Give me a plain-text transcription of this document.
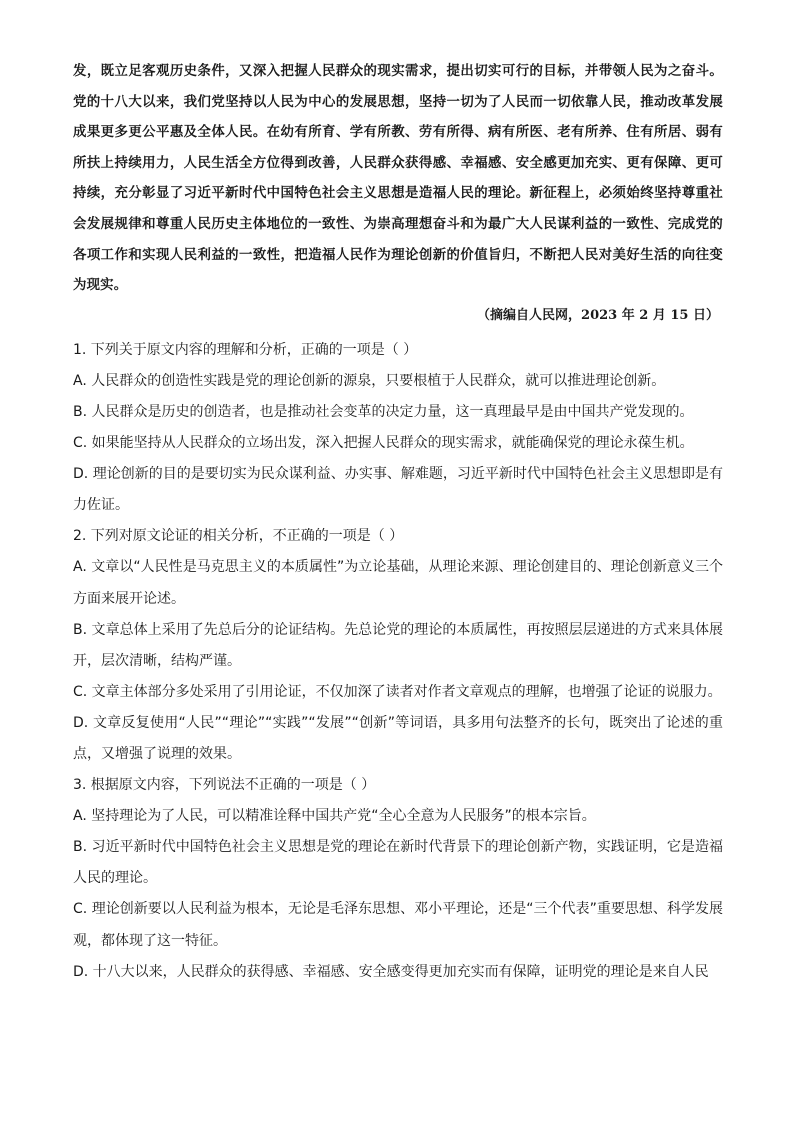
发，既立足客观历史条件，又深入把握人民群众的现实需求，提出切实可行的目标，并带领人民为之奋斗。党的十八大以来，我们党坚持以人民为中心的发展思想，坚持一切为了人民而一切依靠人民，推动改革发展成果更多更公平惠及全体人民。在幼有所育、学有所教、劳有所得、病有所医、老有所养、住有所居、弱有所扶上持续用力，人民生活全方位得到改善，人民群众获得感、幸福感、安全感更加充实、更有保障、更可持续，充分彰显了习近平新时代中国特色社会主义思想是造福人民的理论。新征程上，必须始终坚持尊重社会发展规律和尊重人民历史主体地位的一致性、为崇高理想奋斗和为最广大人民谋利益的一致性、完成党的各项工作和实现人民利益的一致性，把造福人民作为理论创新的价值旨归，不断把人民对美好生活的向往变为现实。

（摘编自人民网，2023 年 2 月 15 日）

1. 下列关于原文内容的理解和分析，正确的一项是（ ）

A. 人民群众的创造性实践是党的理论创新的源泉，只要根植于人民群众，就可以推进理论创新。

B. 人民群众是历史的创造者，也是推动社会变革的决定力量，这一真理最早是由中国共产党发现的。

C. 如果能坚持从人民群众的立场出发，深入把握人民群众的现实需求，就能确保党的理论永葆生机。

D. 理论创新的目的是要切实为民众谋利益、办实事、解难题，习近平新时代中国特色社会主义思想即是有力佐证。

2. 下列对原文论证的相关分析，不正确的一项是（ ）

A. 文章以“人民性是马克思主义的本质属性”为立论基础，从理论来源、理论创建目的、理论创新意义三个方面来展开论述。

B. 文章总体上采用了先总后分的论证结构。先总论党的理论的本质属性，再按照层层递进的方式来具体展开，层次清晰，结构严谨。

C. 文章主体部分多处采用了引用论证，不仅加深了读者对作者文章观点的理解，也增强了论证的说服力。

D. 文章反复使用“人民”“理论”“实践”“发展”“创新”等词语，具多用句法整齐的长句，既突出了论述的重点，又增强了说理的效果。

3. 根据原文内容，下列说法不正确的一项是（ ）

A. 坚持理论为了人民，可以精准诠释中国共产党“全心全意为人民服务”的根本宗旨。

B. 习近平新时代中国特色社会主义思想是党的理论在新时代背景下的理论创新产物，实践证明，它是造福人民的理论。

C. 理论创新要以人民利益为根本，无论是毛泽东思想、邓小平理论，还是“三个代表”重要思想、科学发展观，都体现了这一特征。

D. 十八大以来，人民群众的获得感、幸福感、安全感变得更加充实而有保障，证明党的理论是来自人民
